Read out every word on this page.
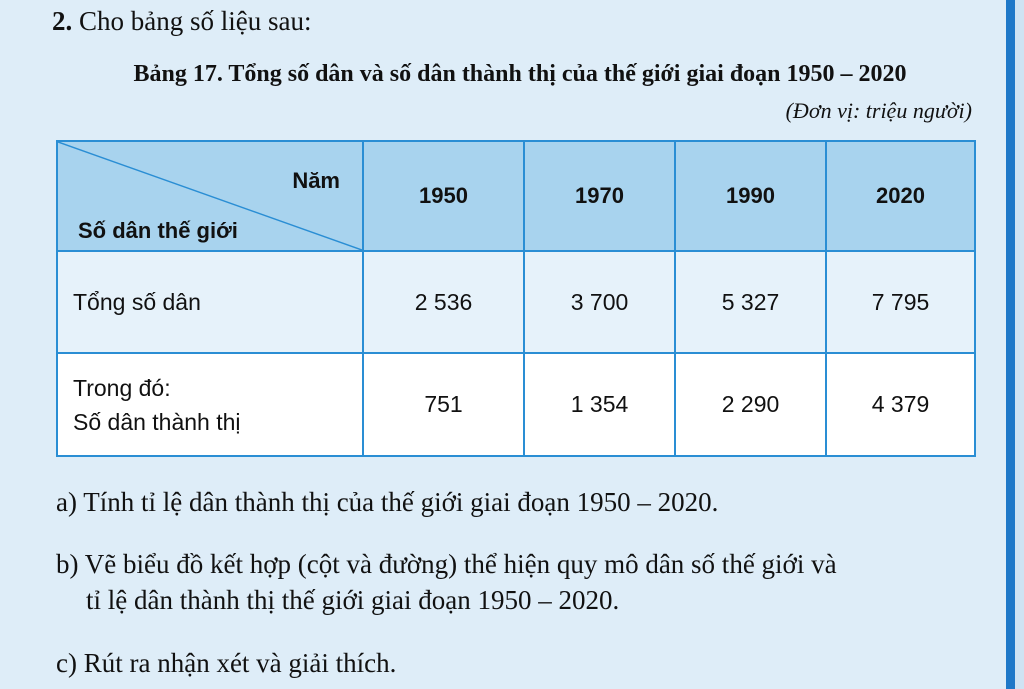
2. Cho bảng số liệu sau:
Bảng 17. Tổng số dân và số dân thành thị của thế giới giai đoạn 1950 – 2020
(Đơn vị: triệu người)
Năm
Số dân thế giới	1950	1970	1990	2020
Tổng số dân	2 536	3 700	5 327	7 795

Trong đó:
Số dân thành thị	751	1 354	2 290	4 379
a) Tính tỉ lệ dân thành thị của thế giới giai đoạn 1950 – 2020.
b) Vẽ biểu đồ kết hợp (cột và đường) thể hiện quy mô dân số thế giới và
tỉ lệ dân thành thị thế giới giai đoạn 1950 – 2020.
c) Rút ra nhận xét và giải thích.
